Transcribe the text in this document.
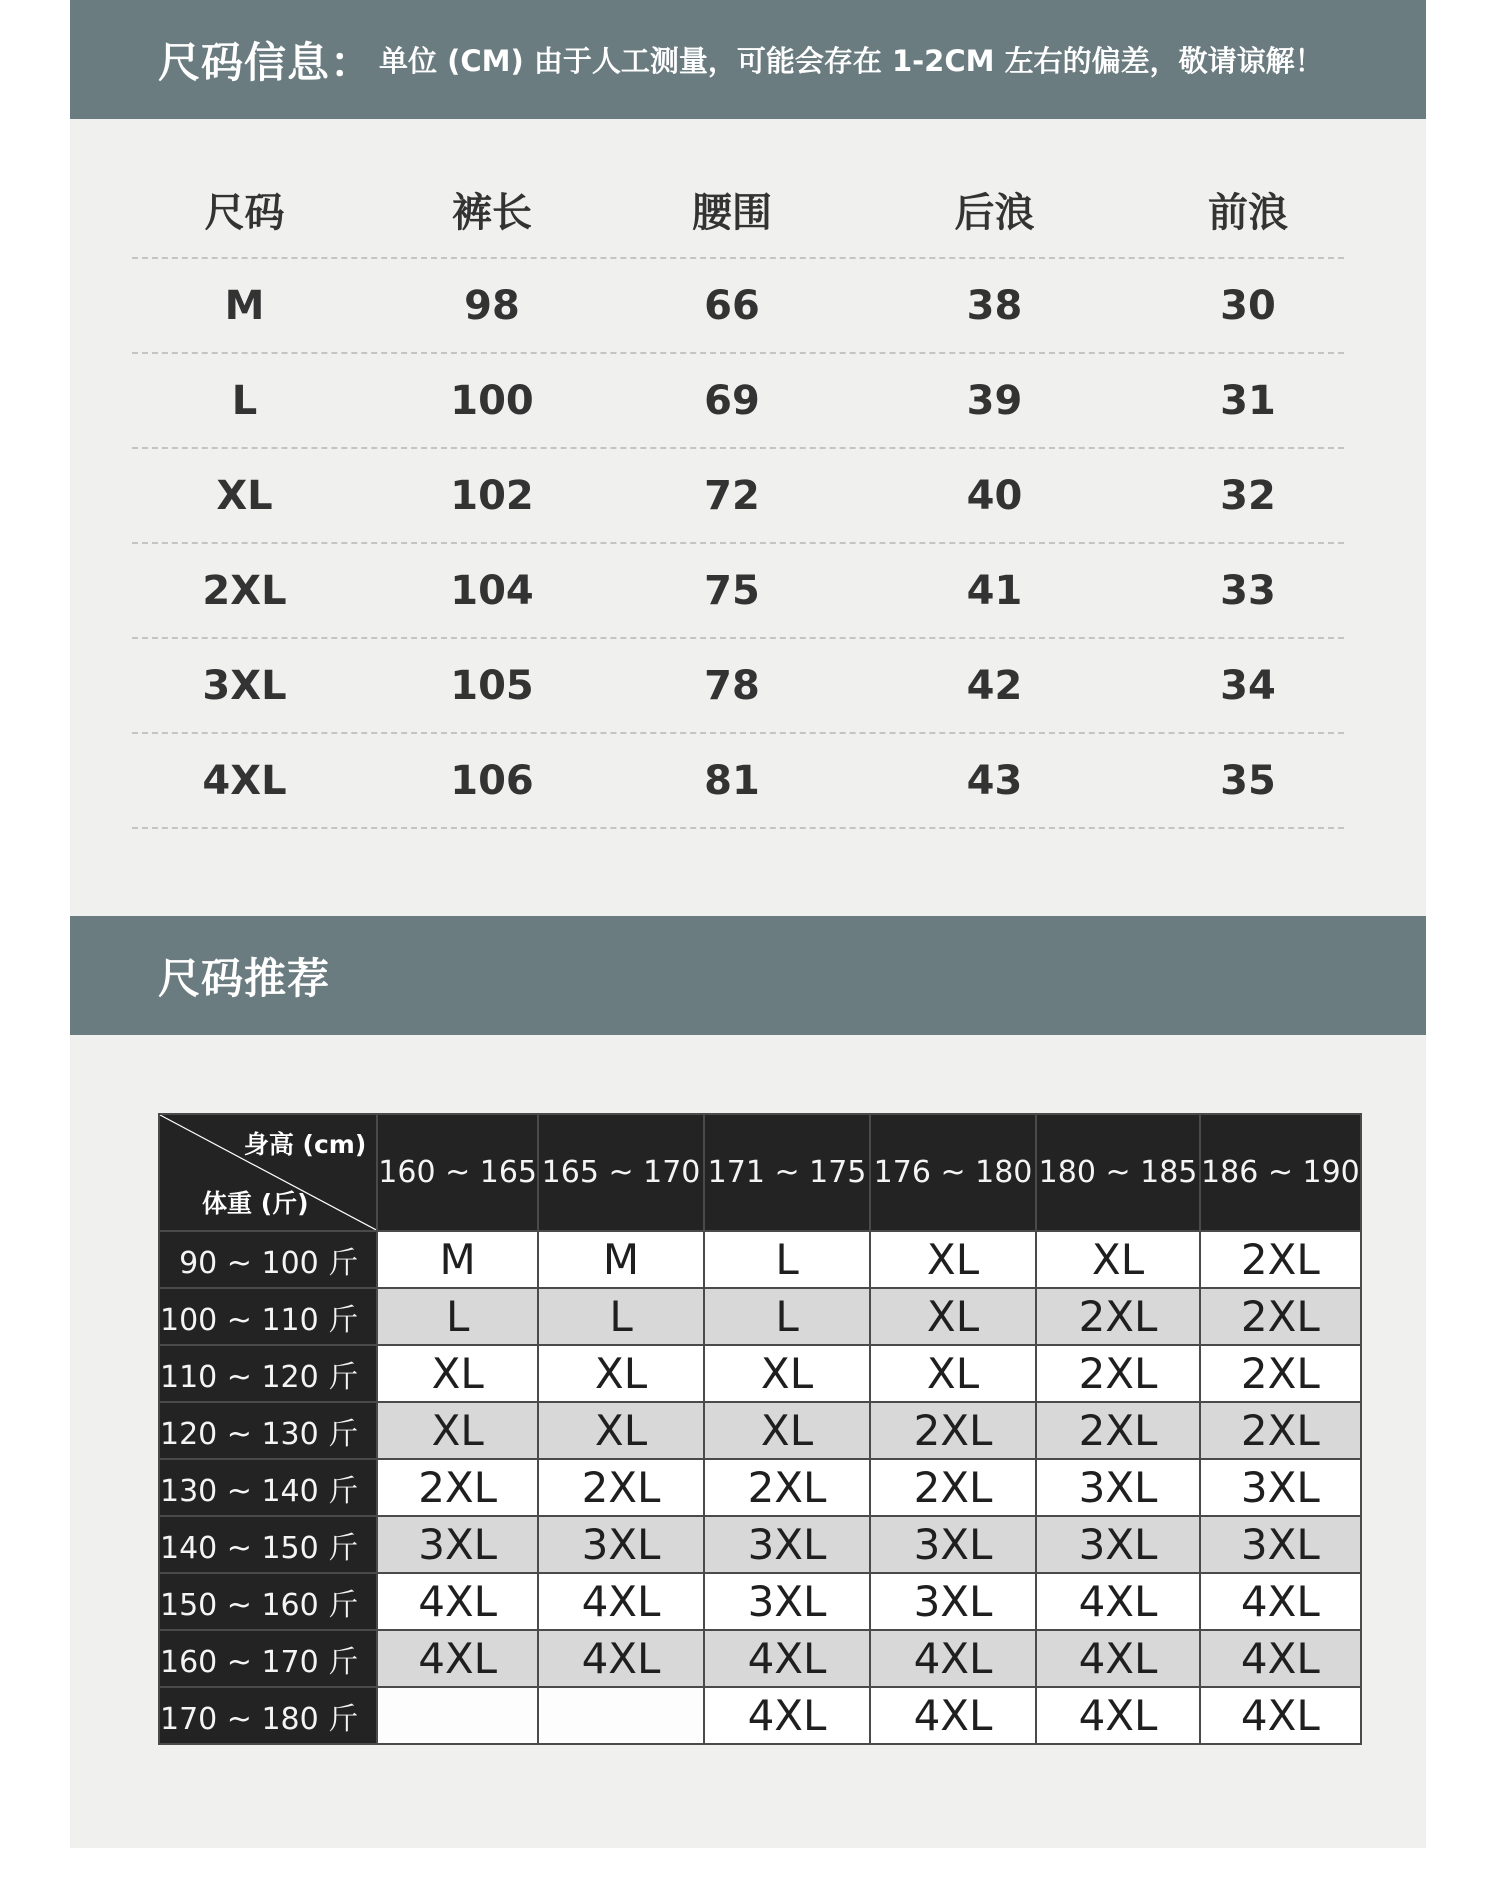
尺码信息： 单位 (CM) 由于人工测量，可能会存在 1-2CM 左右的偏差，敬请谅解！
尺码	裤长	腰围	后浪	前浪
M	98	66	38	30
L	100	69	39	31
XL	102	72	40	32
2XL	104	75	41	33
3XL	105	78	42	34
4XL	106	81	43	35
尺码推荐
身高 (cm)
体重 (斤)	160 ~ 165	165 ~ 170	171 ~ 175	176 ~ 180	180 ~ 185	186 ~ 190
90 ~ 100 斤	M	M	L	XL	XL	2XL
100 ~ 110 斤	L	L	L	XL	2XL	2XL
110 ~ 120 斤	XL	XL	XL	XL	2XL	2XL
120 ~ 130 斤	XL	XL	XL	2XL	2XL	2XL
130 ~ 140 斤	2XL	2XL	2XL	2XL	3XL	3XL
140 ~ 150 斤	3XL	3XL	3XL	3XL	3XL	3XL
150 ~ 160 斤	4XL	4XL	3XL	3XL	4XL	4XL
160 ~ 170 斤	4XL	4XL	4XL	4XL	4XL	4XL
170 ~ 180 斤			4XL	4XL	4XL	4XL
